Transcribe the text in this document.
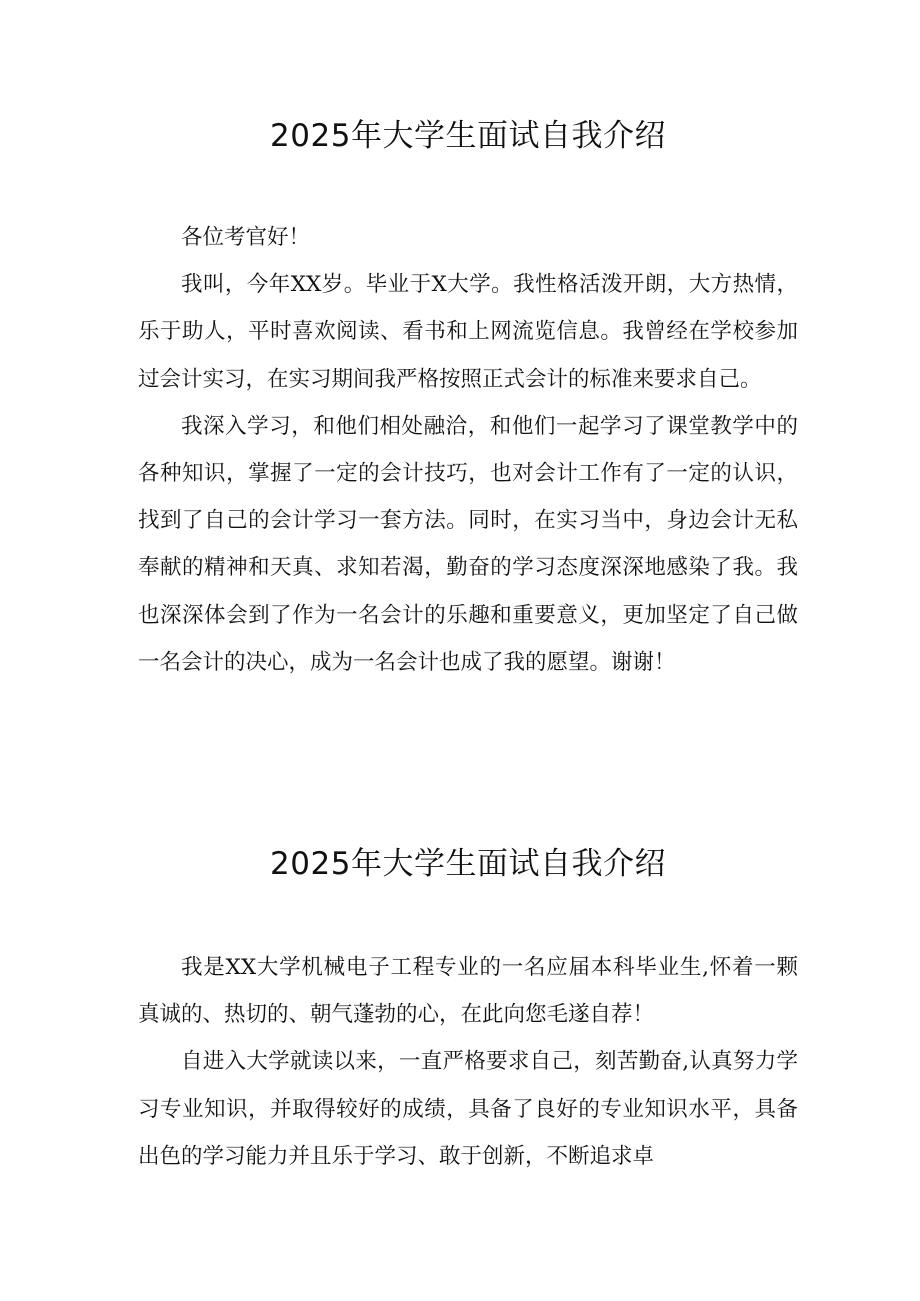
2025年大学生面试自我介绍

各位考官好！

我叫，今年XX岁。毕业于X大学。我性格活泼开朗，大方热情，乐于助人，平时喜欢阅读、看书和上网流览信息。我曾经在学校参加过会计实习，在实习期间我严格按照正式会计的标准来要求自己。

我深入学习，和他们相处融洽，和他们一起学习了课堂教学中的各种知识，掌握了一定的会计技巧，也对会计工作有了一定的认识，找到了自己的会计学习一套方法。同时，在实习当中，身边会计无私奉献的精神和天真、求知若渴，勤奋的学习态度深深地感染了我。我也深深体会到了作为一名会计的乐趣和重要意义，更加坚定了自己做一名会计的决心，成为一名会计也成了我的愿望。谢谢！

2025年大学生面试自我介绍

我是XX大学机械电子工程专业的一名应届本科毕业生,怀着一颗真诚的、热切的、朝气蓬勃的心，在此向您毛遂自荐！

自进入大学就读以来，一直严格要求自己，刻苦勤奋,认真努力学习专业知识，并取得较好的成绩，具备了良好的专业知识水平，具备出色的学习能力并且乐于学习、敢于创新，不断追求卓
